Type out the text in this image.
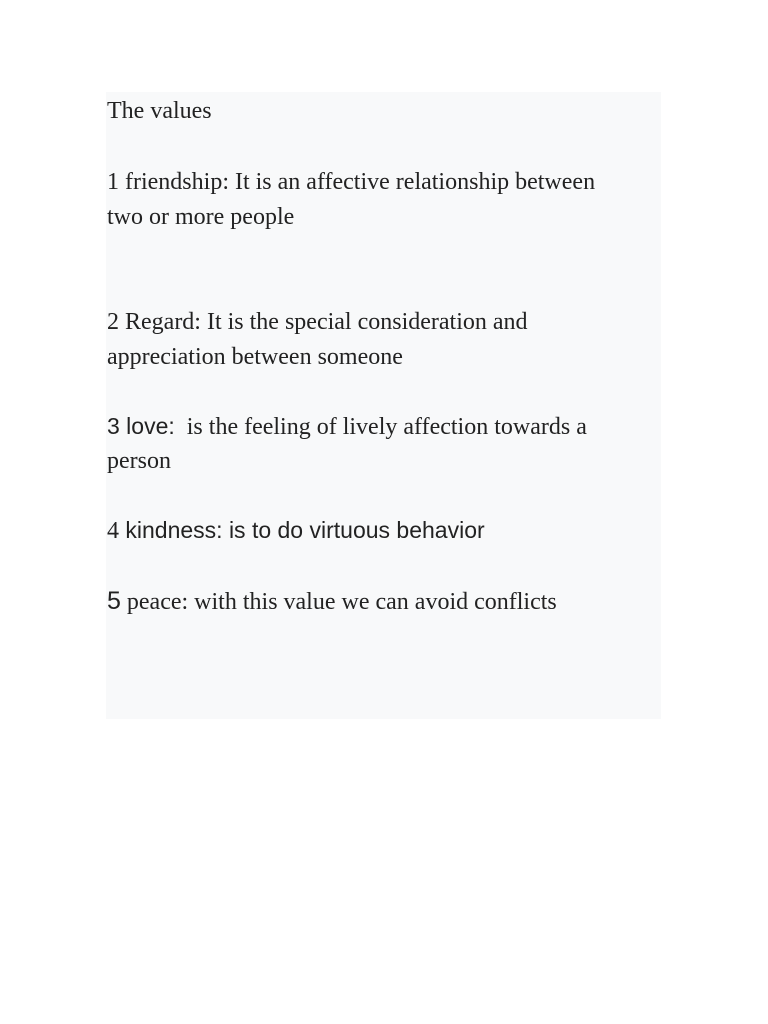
The values

1 friendship: It is an affective relationship between

two or more people

2 Regard: It is the special consideration and

appreciation between someone

3 love:  is the feeling of lively affection towards a

person

4 kindness: is to do virtuous behavior

5 peace: with this value we can avoid conflicts
